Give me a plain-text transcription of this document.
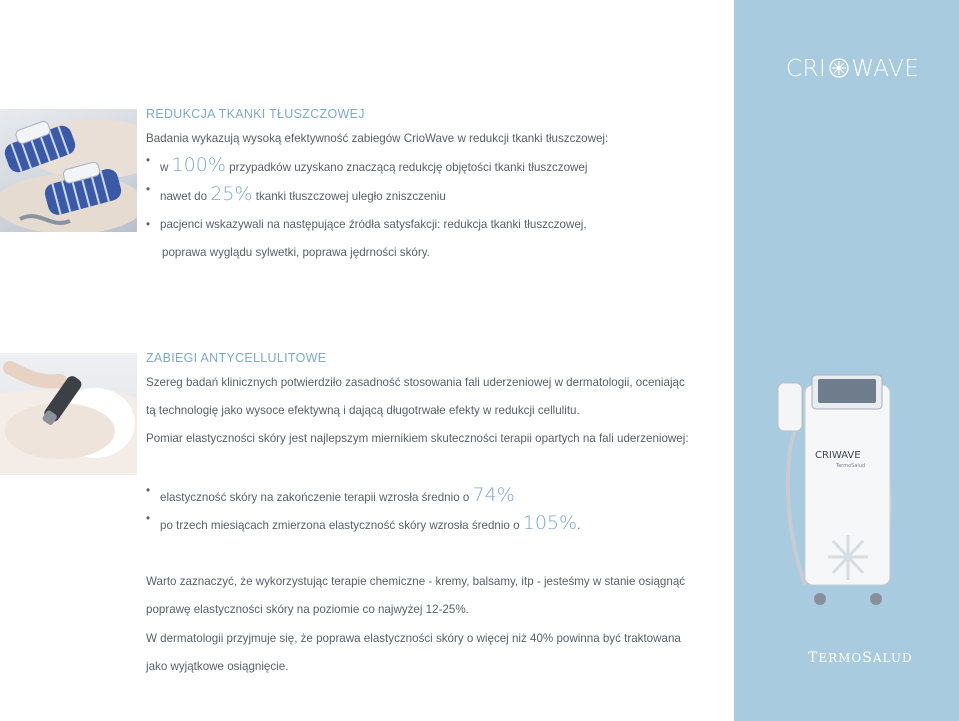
CRI WAVE
TERMOSALUD
CRIWAVE
TermoSalud
REDUKCJA TKANKI TŁUSZCZOWEJ
Badania wykazują wysoką efektywność zabiegów CrioWave w redukcji tkanki tłuszczowej:
• w 100% przypadków uzyskano znaczącą redukcję objętości tkanki tłuszczowej
• nawet do 25% tkanki tłuszczowej uległo zniszczeniu
• pacjenci wskazywali na następujące źródła satysfakcji: redukcja tkanki tłuszczowej,
poprawa wyglądu sylwetki, poprawa jędrności skóry.
ZABIEGI ANTYCELLULITOWE
Szereg badań klinicznych potwierdziło zasadność stosowania fali uderzeniowej w dermatologii, oceniając
tą technologię jako wysoce efektywną i dającą długotrwałe efekty w redukcji cellulitu.
Pomiar elastyczności skóry jest najlepszym miernikiem skuteczności terapii opartych na fali uderzeniowej:
• elastyczność skóry na zakończenie terapii wzrosła średnio o 74%
• po trzech miesiącach zmierzona elastyczność skóry wzrosła średnio o 105%.
Warto zaznaczyć, że wykorzystując terapie chemiczne - kremy, balsamy, itp - jesteśmy w stanie osiągnąć
poprawę elastyczności skóry na poziomie co najwyżej 12-25%.
W dermatologii przyjmuje się, że poprawa elastyczności skóry o więcej niż 40% powinna być traktowana
jako wyjątkowe osiągnięcie.
